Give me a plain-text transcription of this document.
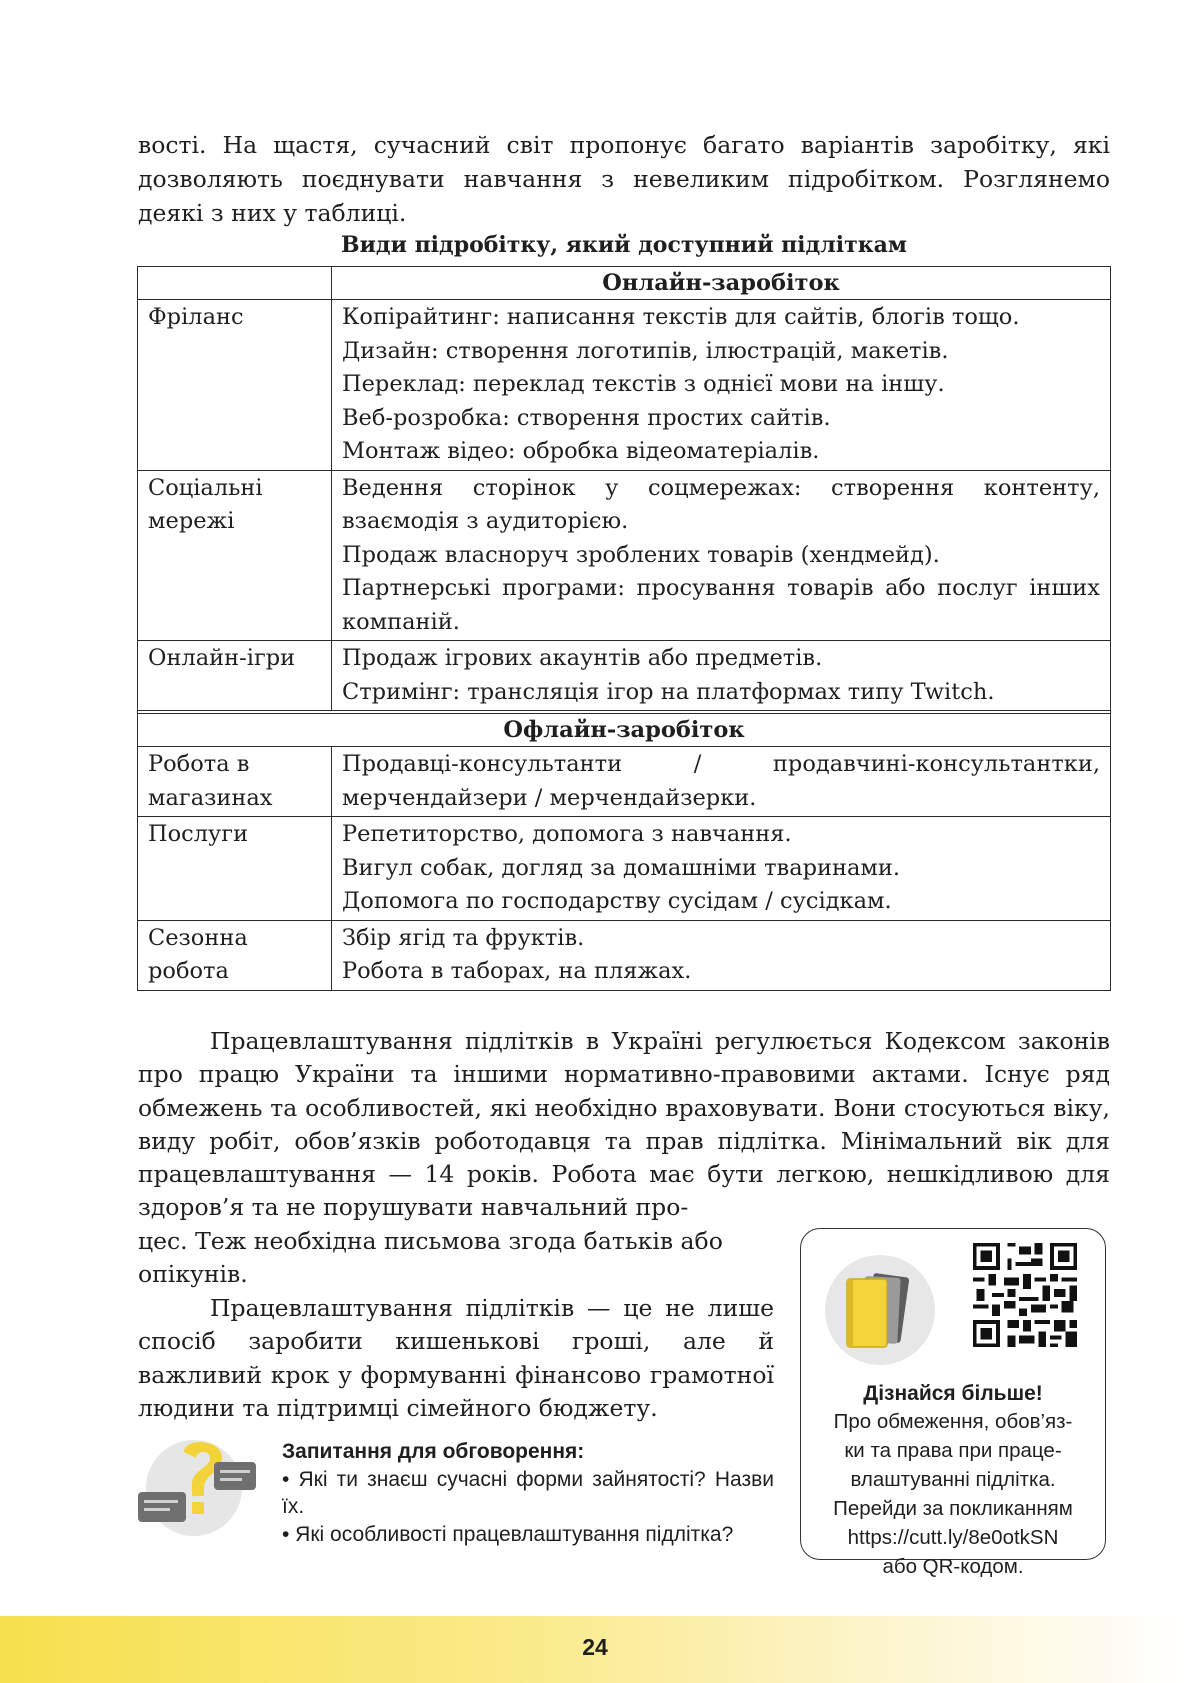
вості. На щастя, сучасний світ пропонує багато варіантів заробітку, які дозволяють поєднувати навчання з невеликим підробітком. Розглянемо деякі з них у таблиці.

Види підробітку, який доступний підліткам

	Онлайн-заробіток
Фріланс	Копірайтинг: написання текстів для сайтів, блогів тощо.
Дизайн: створення логотипів, ілюстрацій, макетів.
Переклад: переклад текстів з однієї мови на іншу.
Веб-розробка: створення простих сайтів.
Монтаж відео: обробка відеоматеріалів.

Соціальні мережі	Ведення сторінок у соцмережах: створення контенту, взаємодія з аудиторією.
Продаж власноруч зроблених товарів (хендмейд).
Партнерські програми: просування товарів або послуг інших компаній.

Онлайн-ігри	Продаж ігрових акаунтів або предметів.
Стримінг: трансляція ігор на платформах типу Twitch.

Офлайн-заробіток	
Робота в магазинах	Продавці-консультанти / продавчині-консультантки, мерчендайзери / мерчендайзерки.

Послуги	Репетиторство, допомога з навчання.
Вигул собак, догляд за домашніми тваринами.
Допомога по господарству сусідам / сусідкам.

Сезонна робота	Збір ягід та фруктів.
Робота в таборах, на пляжах.

Працевлаштування підлітків в Україні регулюється Кодексом законів про працю України та іншими нормативно-правовими актами. Існує ряд обмежень та особливостей, які необхідно враховувати. Вони стосуються віку, виду робіт, обов’язків роботодавця та прав підлітка. Мінімальний вік для працевлаштування — 14 років. Робота має бути легкою, нешкідливою для здоров’я та не порушувати навчальний про-

цес. Теж необхідна письмова згода батьків або опікунів.

Працевлаштування підлітків — це не лише спосіб заробити кишенькові гроші, але й важливий крок у формуванні фінансово грамотної людини та підтримці сімейного бюджету.
Дізнайся більше!
Про обмеження, обов’яз-
ки та права при праце-
влаштуванні підлітка.
Перейди за покликанням
https://cutt.ly/8e0otkSN
або QR-кодом.
Запитання для обговорення:
• Які ти знаєш сучасні форми зайнятості? Назви їх.
• Які особливості працевлаштування підлітка?
24
